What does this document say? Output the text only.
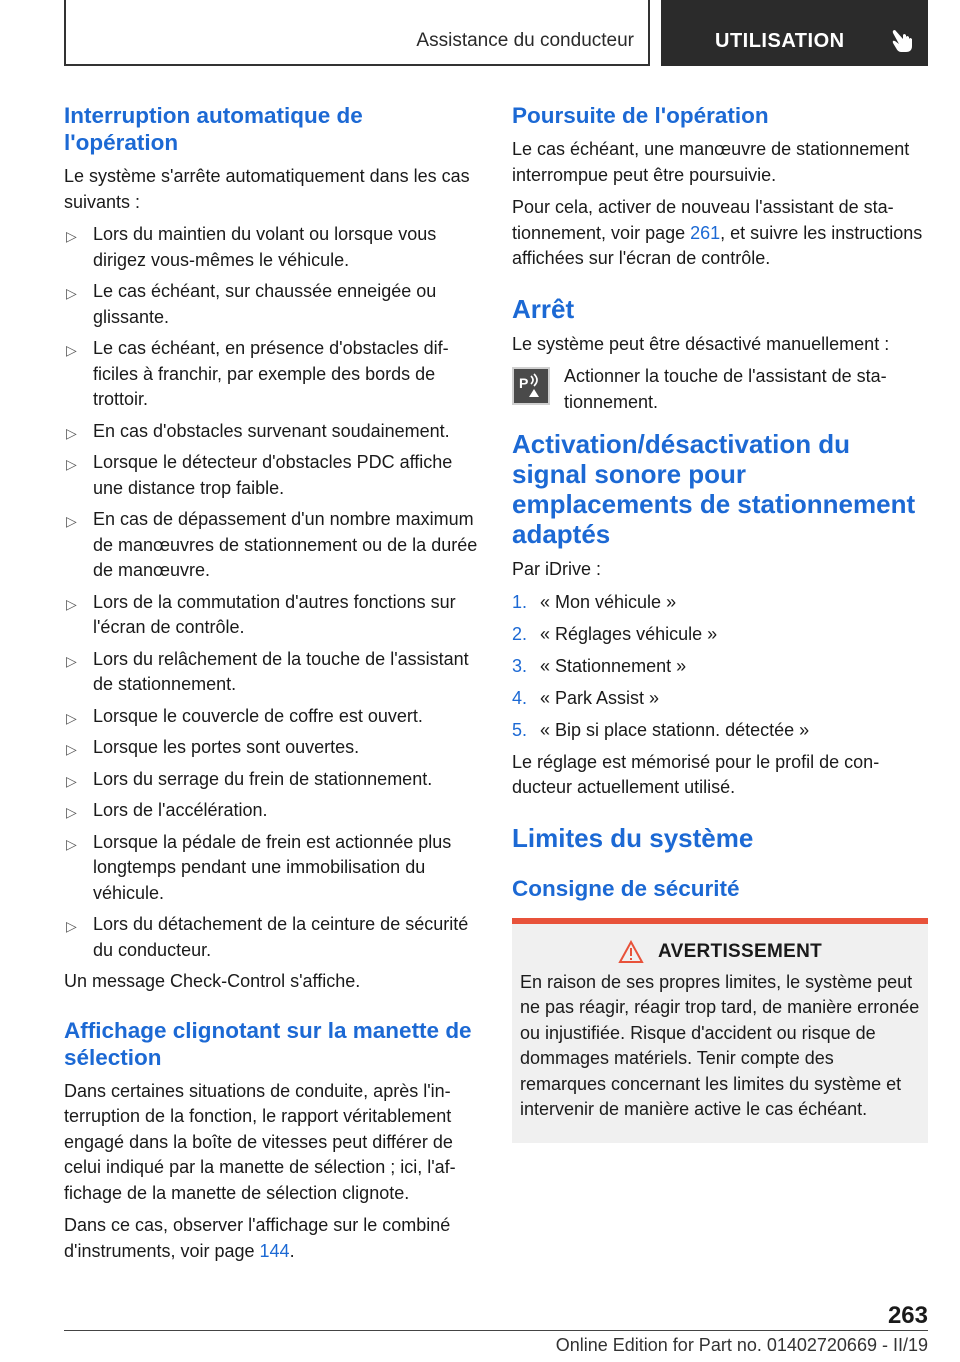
Assistance du conducteur	UTILISATION
Interruption automatique de l'opération

Le système s'arrête automatiquement dans les cas suivants :

▷ Lors du maintien du volant ou lorsque vous dirigez vous-mêmes le véhicule.
▷ Le cas échéant, sur chaussée enneigée ou glissante.
▷ Le cas échéant, en présence d'obstacles difficiles à franchir, par exemple des bords de trottoir.
▷ En cas d'obstacles survenant soudainement.
▷ Lorsque le détecteur d'obstacles PDC affiche une distance trop faible.
▷ En cas de dépassement d'un nombre maximum de manœuvres de stationnement ou de la durée de manœuvre.
▷ Lors de la commutation d'autres fonctions sur l'écran de contrôle.
▷ Lors du relâchement de la touche de l'assistant de stationnement.
▷ Lorsque le couvercle de coffre est ouvert.
▷ Lorsque les portes sont ouvertes.
▷ Lors du serrage du frein de stationnement.
▷ Lors de l'accélération.
▷ Lorsque la pédale de frein est actionnée plus longtemps pendant une immobilisation du véhicule.
▷ Lors du détachement de la ceinture de sécurité du conducteur.

Un message Check-Control s'affiche.

Affichage clignotant sur la manette de sélection

Dans certaines situations de conduite, après l'interruption de la fonction, le rapport véritablement engagé dans la boîte de vitesses peut différer de celui indiqué par la manette de sélection ; ici, l'affichage de la manette de sélection clignote.

Dans ce cas, observer l'affichage sur le combiné d'instruments, voir page 144.

Poursuite de l'opération

Le cas échéant, une manœuvre de stationnement interrompue peut être poursuivie.

Pour cela, activer de nouveau l'assistant de stationnement, voir page 261, et suivre les instructions affichées sur l'écran de contrôle.

Arrêt

Le système peut être désactivé manuellement :

P Actionner la touche de l'assistant de stationnement.
Activation/désactivation du signal sonore pour emplacements de stationnement adaptés

Par iDrive :

1. « Mon véhicule »
2. « Réglages véhicule »
3. « Stationnement »
4. « Park Assist »
5. « Bip si place stationn. détectée »

Le réglage est mémorisé pour le profil de conducteur actuellement utilisé.

Limites du système
Consigne de sécurité
AVERTISSEMENT

En raison de ses propres limites, le système peut ne pas réagir, réagir trop tard, de manière erronée ou injustifiée. Risque d'accident ou risque de dommages matériels. Tenir compte des remarques concernant les limites du système et intervenir de manière active le cas échéant.

263
Online Edition for Part no. 01402720669 - II/19
